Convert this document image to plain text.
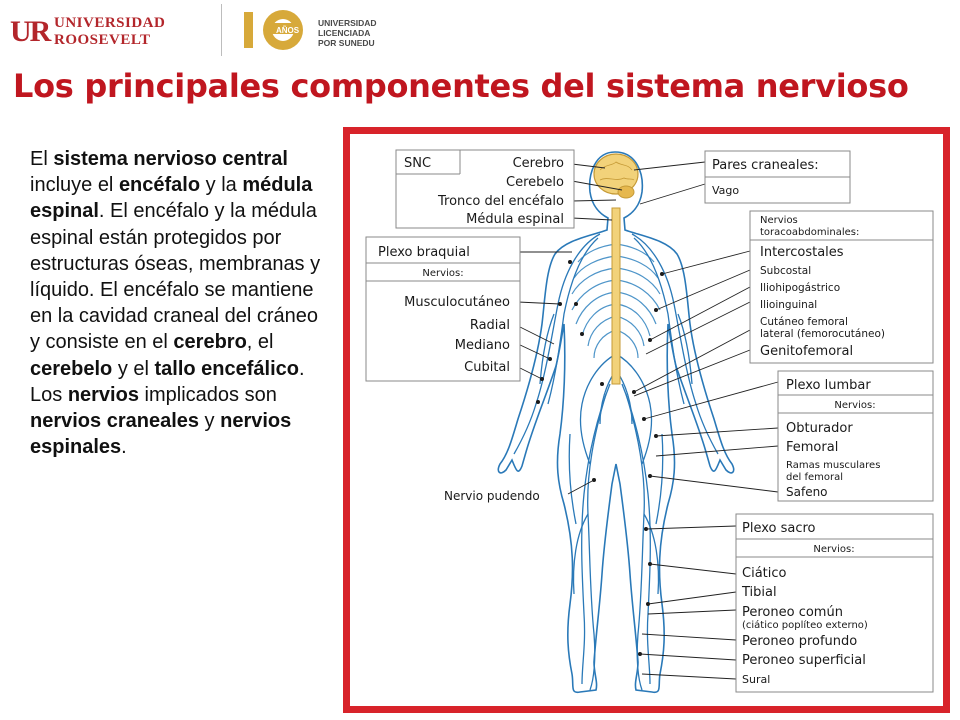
UR UNIVERSIDAD
ROOSEVELT
AÑOS
UNIVERSIDAD
LICENCIADA
POR SUNEDU
Los principales componentes del sistema nervioso
El sistema nervioso central incluye el encéfalo y la médula espinal. El encéfalo y la médula espinal están protegidos por estructuras óseas, membranas y líquido. El encéfalo se mantiene en la cavidad craneal del cráneo y consiste en el cerebro, el cerebelo y el tallo encefálico. Los nervios implicados son nervios craneales y nervios espinales.
SNC	Cerebro
Cerebelo
Tronco del encéfalo
Médula espinal
Plexo braquial
Nervios:
Musculocutáneo
Radial
Mediano
Cubital
Nervio pudendo
Pares craneales:
Vago
Nervios
toracoabdominales:
Intercostales
Subcostal
Iliohipogástrico
Ilioinguinal
Cutáneo femoral
lateral (femorocutáneo)
Genitofemoral
Plexo lumbar
Nervios:
Obturador
Femoral
Ramas musculares
del femoral
Safeno
Plexo sacro
Nervios:
Ciático
Tibial
Peroneo común
(ciático poplíteo externo)
Peroneo profundo
Peroneo superficial
Sural
